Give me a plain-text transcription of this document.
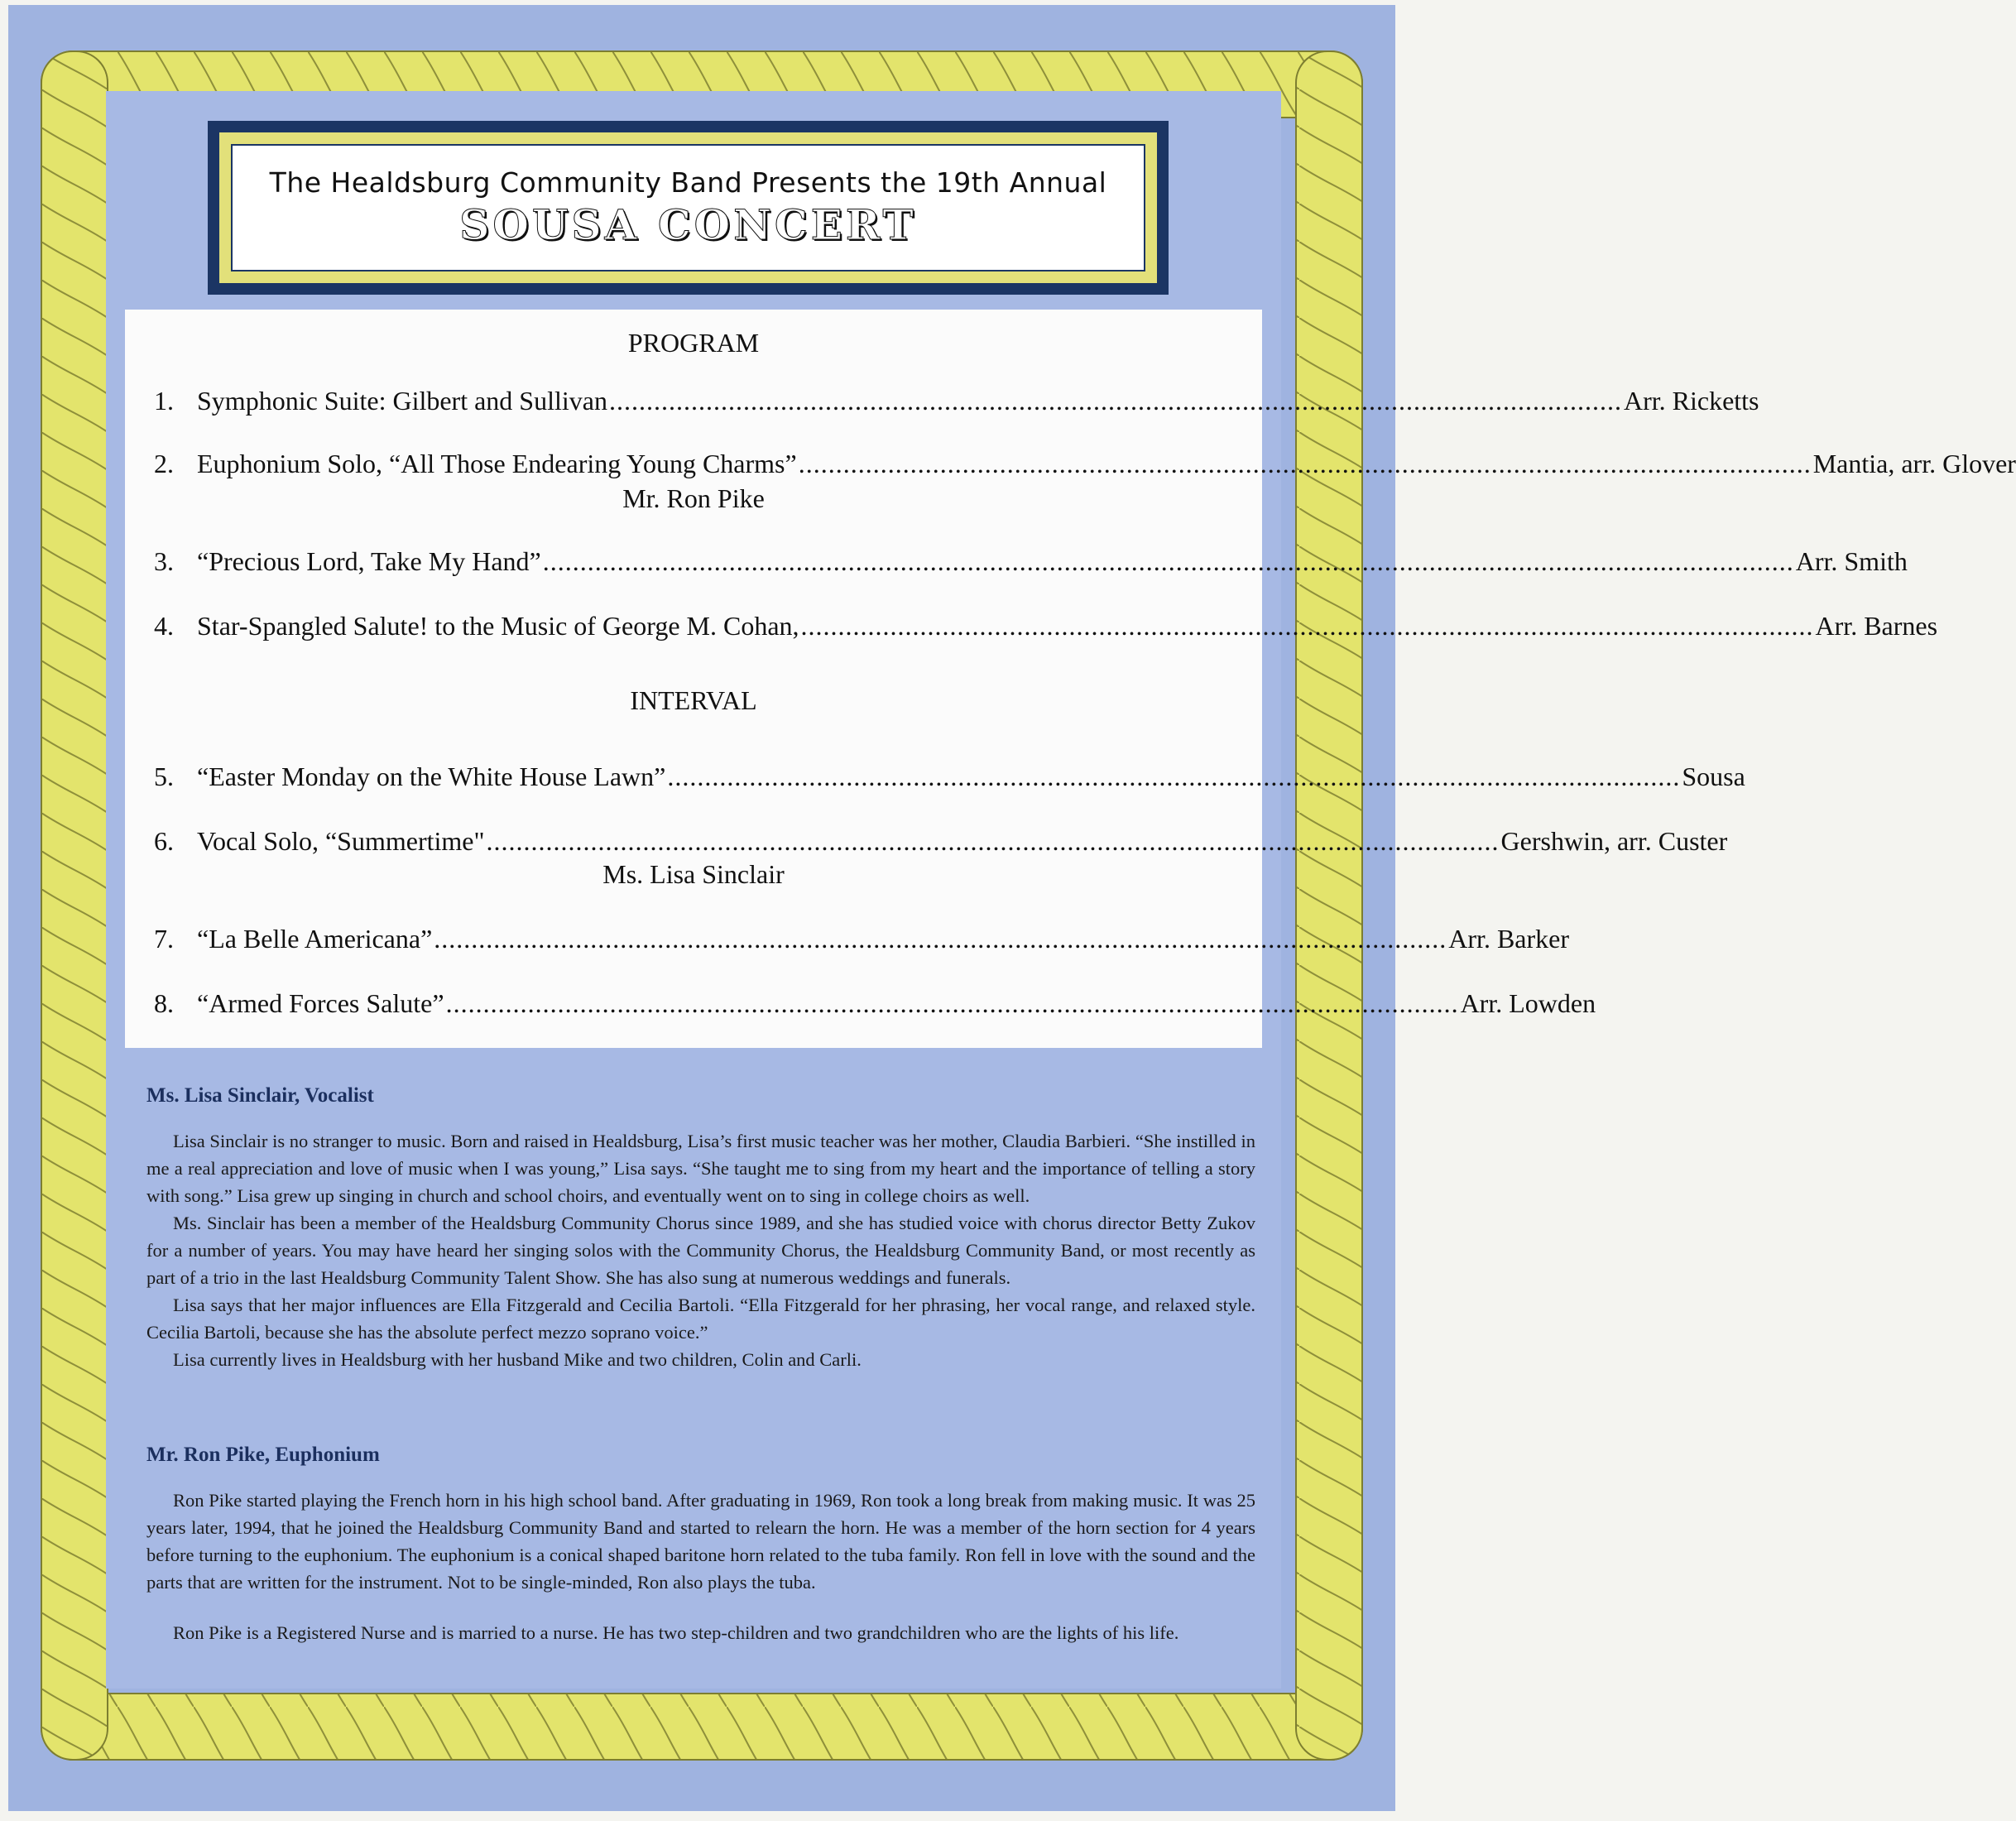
The Healdsburg Community Band Presents the 19th Annual
SOUSA CONCERT
PROGRAM
1. Symphonic Suite: Gilbert and Sullivan ........................................................................................................................................ Arr. Ricketts
2. Euphonium Solo, “All Those Endearing Young Charms” ........................................................................................................................................ Mantia, arr. Glover
Mr. Ron Pike
3. “Precious Lord, Take My Hand” ........................................................................................................................................................................ Arr. Smith
4. Star-Spangled Salute! to the Music of George M. Cohan, ........................................................................................................................................ Arr. Barnes
INTERVAL
5. “Easter Monday on the White House Lawn” ........................................................................................................................................ Sousa
6. Vocal Solo, “Summertime" ........................................................................................................................................ Gershwin, arr. Custer
Ms. Lisa Sinclair
7. “La Belle Americana” ........................................................................................................................................ Arr. Barker
8. “Armed Forces Salute” ........................................................................................................................................ Arr. Lowden
Ms. Lisa Sinclair, Vocalist

Lisa Sinclair is no stranger to music. Born and raised in Healdsburg, Lisa’s first music teacher was her mother, Claudia Barbieri. “She instilled in me a real appreciation and love of music when I was young,” Lisa says. “She taught me to sing from my heart and the importance of telling a story with song.” Lisa grew up singing in church and school choirs, and eventually went on to sing in college choirs as well.

Ms. Sinclair has been a member of the Healdsburg Community Chorus since 1989, and she has studied voice with chorus director Betty Zukov for a number of years. You may have heard her singing solos with the Community Chorus, the Healdsburg Community Band, or most recently as part of a trio in the last Healdsburg Community Talent Show. She has also sung at numerous weddings and funerals.

Lisa says that her major influences are Ella Fitzgerald and Cecilia Bartoli. “Ella Fitzgerald for her phrasing, her vocal range, and relaxed style. Cecilia Bartoli, because she has the absolute perfect mezzo soprano voice.”

Lisa currently lives in Healdsburg with her husband Mike and two children, Colin and Carli.

Mr. Ron Pike, Euphonium

Ron Pike started playing the French horn in his high school band. After graduating in 1969, Ron took a long break from making music. It was 25 years later, 1994, that he joined the Healdsburg Community Band and started to relearn the horn. He was a member of the horn section for 4 years before turning to the euphonium. The euphonium is a conical shaped baritone horn related to the tuba family. Ron fell in love with the sound and the parts that are written for the instrument. Not to be single-minded, Ron also plays the tuba.

Ron Pike is a Registered Nurse and is married to a nurse. He has two step-children and two grandchildren who are the lights of his life.
